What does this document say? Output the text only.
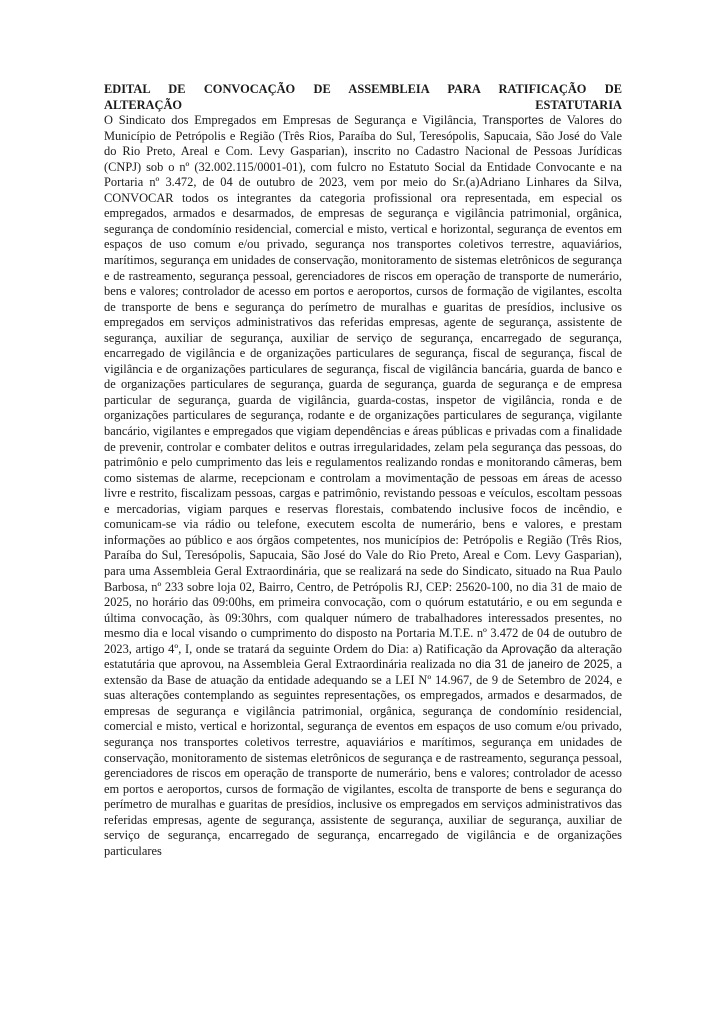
EDITAL DE CONVOCAÇÃO DE ASSEMBLEIA PARA RATIFICAÇÃO DE
ALTERAÇÃO ESTATUTARIA

O Sindicato dos Empregados em Empresas de Segurança e Vigilância, Transportes de Valores do Município de Petrópolis e Região (Três Rios, Paraíba do Sul, Teresópolis, Sapucaia, São José do Vale do Rio Preto, Areal e Com. Levy Gasparian), inscrito no Cadastro Nacional de Pessoas Jurídicas (CNPJ) sob o nº (32.002.115/0001-01), com fulcro no Estatuto Social da Entidade Convocante e na Portaria nº 3.472, de 04 de outubro de 2023, vem por meio do Sr.(a)Adriano Linhares da Silva, CONVOCAR todos os integrantes da categoria profissional ora representada, em especial os empregados, armados e desarmados, de empresas de segurança e vigilância patrimonial, orgânica, segurança de condomínio residencial, comercial e misto, vertical e horizontal, segurança de eventos em espaços de uso comum e/ou privado, segurança nos transportes coletivos terrestre, aquaviários, marítimos, segurança em unidades de conservação, monitoramento de sistemas eletrônicos de segurança e de rastreamento, segurança pessoal, gerenciadores de riscos em operação de transporte de numerário, bens e valores; controlador de acesso em portos e aeroportos, cursos de formação de vigilantes, escolta de transporte de bens e segurança do perímetro de muralhas e guaritas de presídios, inclusive os empregados em serviços administrativos das referidas empresas, agente de segurança, assistente de segurança, auxiliar de segurança, auxiliar de serviço de segurança, encarregado de segurança, encarregado de vigilância e de organizações particulares de segurança, fiscal de segurança, fiscal de vigilância e de organizações particulares de segurança, fiscal de vigilância bancária, guarda de banco e de organizações particulares de segurança, guarda de segurança, guarda de segurança e de empresa particular de segurança, guarda de vigilância, guarda-costas, inspetor de vigilância, ronda e de organizações particulares de segurança, rodante e de organizações particulares de segurança, vigilante bancário, vigilantes e empregados que vigiam dependências e áreas públicas e privadas com a finalidade de prevenir, controlar e combater delitos e outras irregularidades, zelam pela segurança das pessoas, do patrimônio e pelo cumprimento das leis e regulamentos realizando rondas e monitorando câmeras, bem como sistemas de alarme, recepcionam e controlam a movimentação de pessoas em áreas de acesso livre e restrito, fiscalizam pessoas, cargas e patrimônio, revistando pessoas e veículos, escoltam pessoas e mercadorias, vigiam parques e reservas florestais, combatendo inclusive focos de incêndio, e comunicam-se via rádio ou telefone, executem escolta de numerário, bens e valores, e prestam informações ao público e aos órgãos competentes, nos municípios de: Petrópolis e Região (Três Rios, Paraíba do Sul, Teresópolis, Sapucaia, São José do Vale do Rio Preto, Areal e Com. Levy Gasparian), para uma Assembleia Geral Extraordinária, que se realizará na sede do Sindicato, situado na Rua Paulo Barbosa, nº 233 sobre loja 02, Bairro, Centro, de Petrópolis RJ, CEP: 25620-100, no dia 31 de maio de 2025, no horário das 09:00hs, em primeira convocação, com o quórum estatutário, e ou em segunda e última convocação, às 09:30hrs, com qualquer número de trabalhadores interessados presentes, no mesmo dia e local visando o cumprimento do disposto na Portaria M.T.E. nº 3.472 de 04 de outubro de 2023, artigo 4º, I, onde se tratará da seguinte Ordem do Dia: a) Ratificação da Aprovação da alteração estatutária que aprovou, na Assembleia Geral Extraordinária realizada no dia 31 de janeiro de 2025, a extensão da Base de atuação da entidade adequando se a LEI Nº 14.967, de 9 de Setembro de 2024, e suas alterações contemplando as seguintes representações, os empregados, armados e desarmados, de empresas de segurança e vigilância patrimonial, orgânica, segurança de condomínio residencial, comercial e misto, vertical e horizontal, segurança de eventos em espaços de uso comum e/ou privado, segurança nos transportes coletivos terrestre, aquaviários e marítimos, segurança em unidades de conservação, monitoramento de sistemas eletrônicos de segurança e de rastreamento, segurança pessoal, gerenciadores de riscos em operação de transporte de numerário, bens e valores; controlador de acesso em portos e aeroportos, cursos de formação de vigilantes, escolta de transporte de bens e segurança do perímetro de muralhas e guaritas de presídios, inclusive os empregados em serviços administrativos das referidas empresas, agente de segurança, assistente de segurança, auxiliar de segurança, auxiliar de serviço de segurança, encarregado de segurança, encarregado de vigilância e de organizações particulares
